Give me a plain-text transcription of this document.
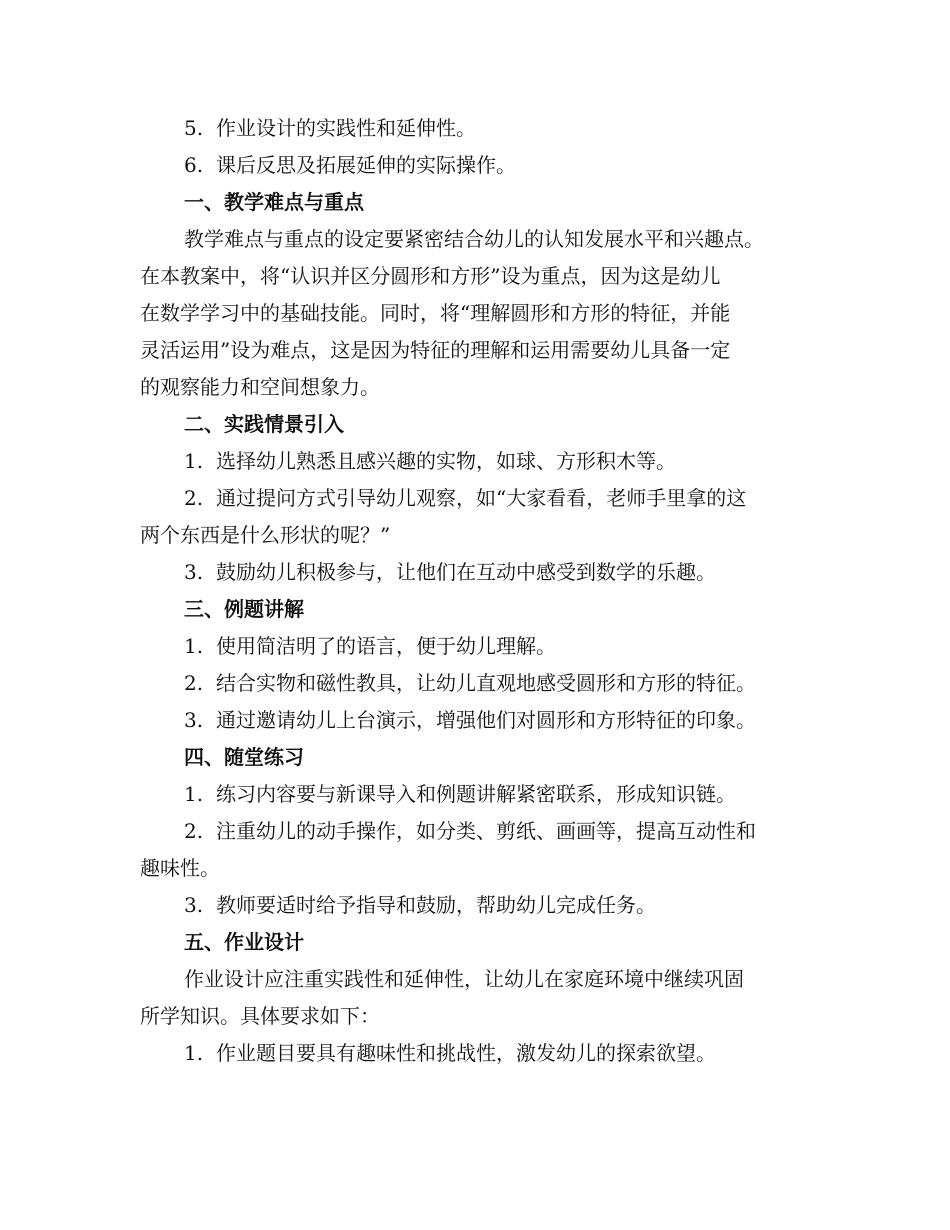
5. 作业设计的实践性和延伸性。
6. 课后反思及拓展延伸的实际操作。
一、教学难点与重点
教学难点与重点的设定要紧密结合幼儿的认知发展水平和兴趣点。
在本教案中，将“认识并区分圆形和方形”设为重点，因为这是幼儿
在数学学习中的基础技能。同时，将“理解圆形和方形的特征，并能
灵活运用”设为难点，这是因为特征的理解和运用需要幼儿具备一定
的观察能力和空间想象力。
二、实践情景引入
1. 选择幼儿熟悉且感兴趣的实物，如球、方形积木等。
2. 通过提问方式引导幼儿观察，如“大家看看，老师手里拿的这
两个东西是什么形状的呢？”
3. 鼓励幼儿积极参与，让他们在互动中感受到数学的乐趣。
三、例题讲解
1. 使用简洁明了的语言，便于幼儿理解。
2. 结合实物和磁性教具，让幼儿直观地感受圆形和方形的特征。
3. 通过邀请幼儿上台演示，增强他们对圆形和方形特征的印象。
四、随堂练习
1. 练习内容要与新课导入和例题讲解紧密联系，形成知识链。
2. 注重幼儿的动手操作，如分类、剪纸、画画等，提高互动性和
趣味性。
3. 教师要适时给予指导和鼓励，帮助幼儿完成任务。
五、作业设计
作业设计应注重实践性和延伸性，让幼儿在家庭环境中继续巩固
所学知识。具体要求如下：
1. 作业题目要具有趣味性和挑战性，激发幼儿的探索欲望。
